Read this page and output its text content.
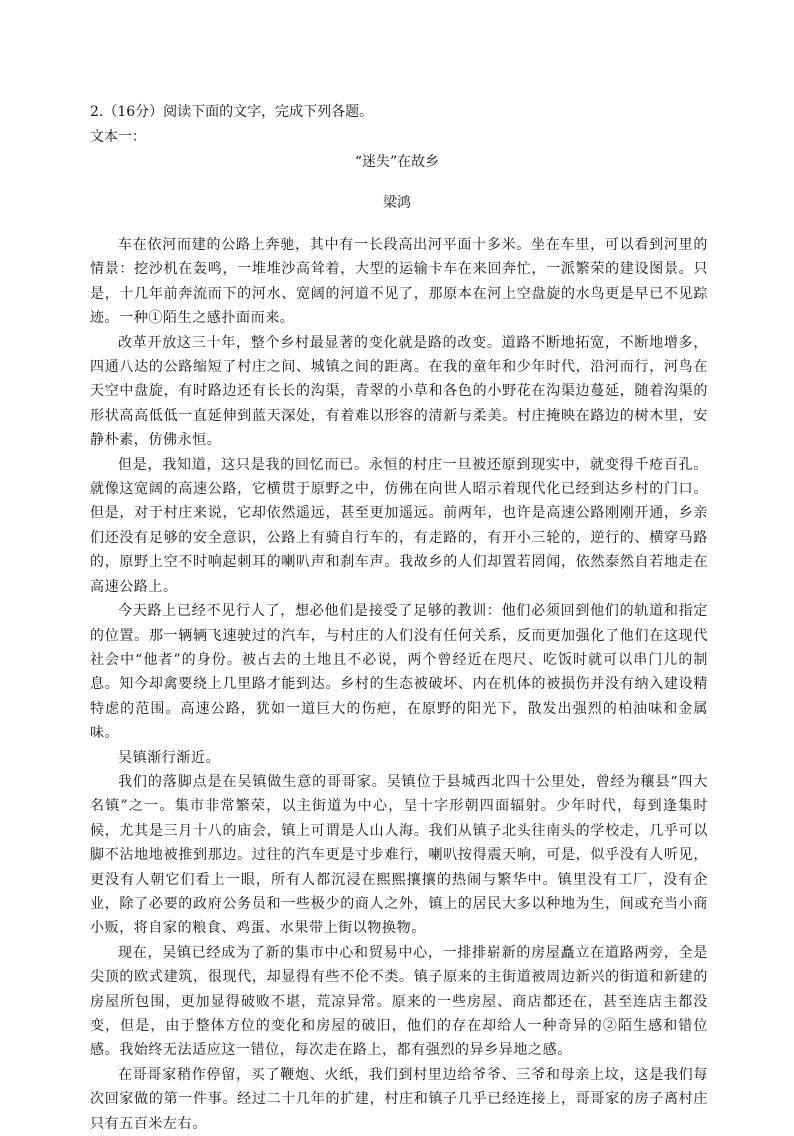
2.（16分）阅读下面的文字，完成下列各题。

文本一：

“迷失”在故乡

梁鸿

车在依河而建的公路上奔驰，其中有一长段高出河平面十多米。坐在车里，可以看到河里的情景：挖沙机在轰鸣，一堆堆沙高耸着，大型的运输卡车在来回奔忙，一派繁荣的建设图景。只是，十几年前奔流而下的河水、宽阔的河道不见了，那原本在河上空盘旋的水鸟更是早已不见踪迹。一种①陌生之感扑面而来。

改革开放这三十年，整个乡村最显著的变化就是路的改变。道路不断地拓宽，不断地增多，四通八达的公路缩短了村庄之间、城镇之间的距离。在我的童年和少年时代，沿河而行，河鸟在天空中盘旋，有时路边还有长长的沟渠，青翠的小草和各色的小野花在沟渠边蔓延，随着沟渠的形状高高低低一直延伸到蓝天深处，有着难以形容的清新与柔美。村庄掩映在路边的树木里，安静朴素，仿佛永恒。

但是，我知道，这只是我的回忆而已。永恒的村庄一旦被还原到现实中，就变得千疮百孔。就像这宽阔的高速公路，它横贯于原野之中，仿佛在向世人昭示着现代化已经到达乡村的门口。但是，对于村庄来说，它却依然遥远，甚至更加遥远。前两年，也许是高速公路刚刚开通，乡亲们还没有足够的安全意识，公路上有骑自行车的，有走路的，有开小三轮的，逆行的、横穿马路的，原野上空不时响起刺耳的喇叭声和刹车声。我故乡的人们却置若罔闻，依然泰然自若地走在高速公路上。

今天路上已经不见行人了，想必他们是接受了足够的教训：他们必须回到他们的轨道和指定的位置。那一辆辆飞速驶过的汽车，与村庄的人们没有任何关系，反而更加强化了他们在这现代社会中“他者”的身份。被占去的土地且不必说，两个曾经近在咫尺、吃饭时就可以串门儿的制息。知今却禽要绕上几里路才能到达。乡村的生态被破坏、内在机体的被损伤并没有纳入建设精特虑的范围。高速公路，犹如一道巨大的伤疤，在原野的阳光下，散发出强烈的柏油味和金属味。

吴镇渐行渐近。

我们的落脚点是在吴镇做生意的哥哥家。吴镇位于县城西北四十公里处，曾经为穰县“四大名镇”之一。集市非常繁荣，以主街道为中心，呈十字形朝四面辐射。少年时代，每到逢集时候，尤其是三月十八的庙会，镇上可谓是人山人海。我们从镇子北头往南头的学校走，几乎可以脚不沾地地被推到那边。过往的汽车更是寸步难行，喇叭按得震天响，可是，似乎没有人听见，更没有人朝它们看上一眼，所有人都沉浸在熙熙攘攘的热闹与繁华中。镇里没有工厂，没有企业，除了必要的政府公务员和一些极少的商人之外，镇上的居民大多以种地为生，间或充当小商小贩，将自家的粮食、鸡蛋、水果带上街以物换物。

现在，吴镇已经成为了新的集市中心和贸易中心，一排排崭新的房屋矗立在道路两旁，全是尖顶的欧式建筑，很现代，却显得有些不伦不类。镇子原来的主街道被周边新兴的街道和新建的房屋所包围，更加显得破败不堪，荒凉异常。原来的一些房屋、商店都还在，甚至连店主都没变，但是，由于整体方位的变化和房屋的破旧，他们的存在却给人一种奇异的②陌生感和错位感。我始终无法适应这一错位，每次走在路上，都有强烈的异乡异地之感。

在哥哥家稍作停留，买了鞭炮、火纸，我们到村里边给爷爷、三爷和母亲上坟，这是我们每次回家做的第一件事。经过二十几年的扩建，村庄和镇子几乎已经连接上，哥哥家的房子离村庄只有五百米左右。
